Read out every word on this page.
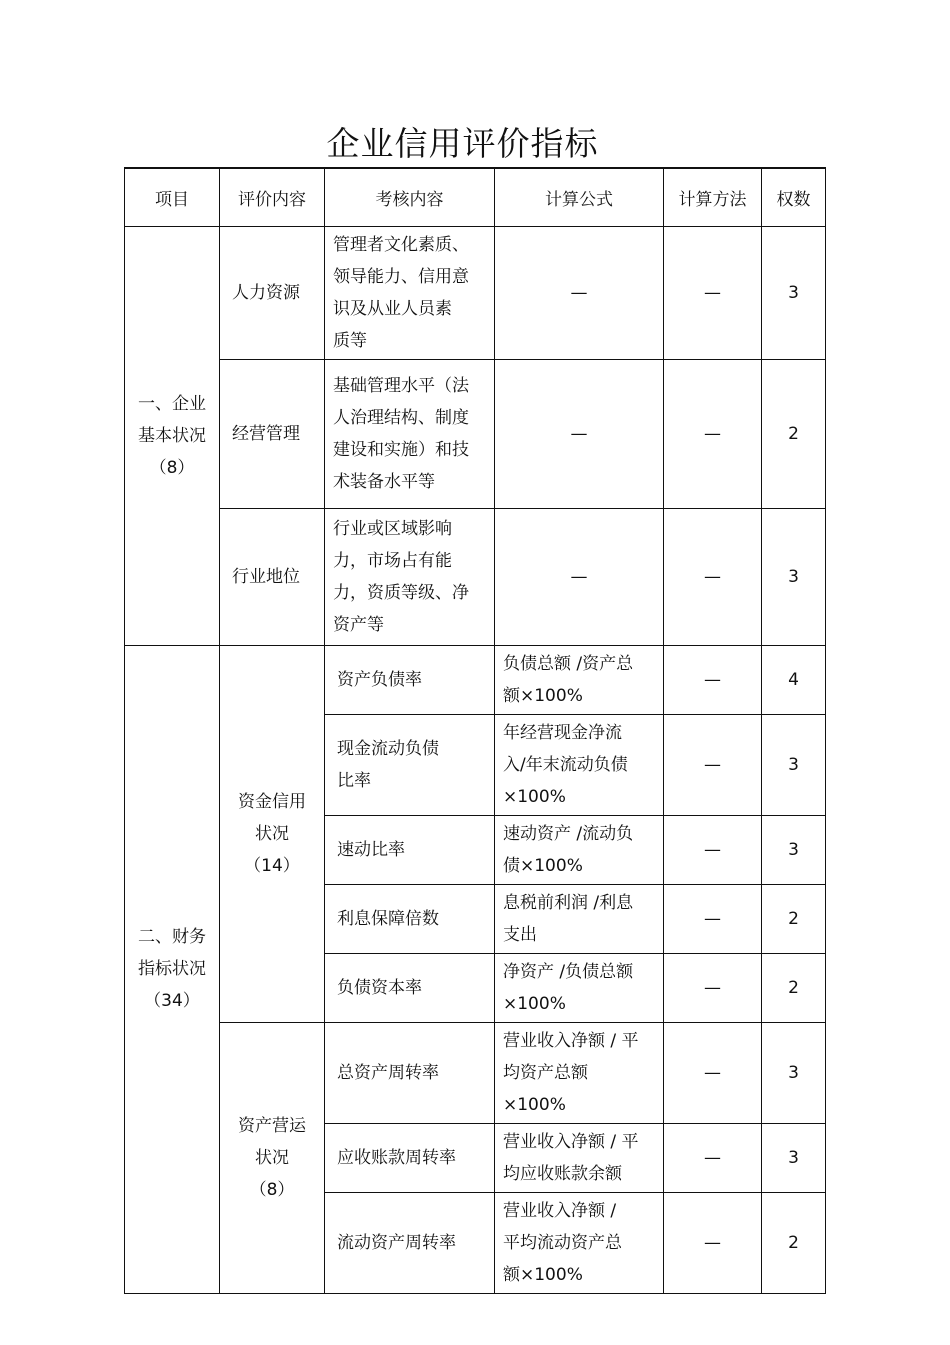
企业信用评价指标
项目	评价内容	考核内容	计算公式	计算方法	权数
一、企业
基本状况
（8）	人力资源	管理者文化素质、
领导能力、信用意
识及从业人员素
质等	—	—	3
	经营管理	基础管理水平（法
人治理结构、制度
建设和实施）和技
术装备水平等	—	—	2
	行业地位	行业或区域影响
力，市场占有能
力，资质等级、净
资产等	—	—	3
二、财务
指标状况
（34）	资金信用
状况
（14）	资产负债率	负债总额 /资产总
额×100%	—	4
		现金流动负债
比率	年经营现金净流
入/年末流动负债
×100%	—	3
		速动比率	速动资产 /流动负
债×100%	—	3
		利息保障倍数	息税前利润 /利息
支出	—	2
		负债资本率	净资产 /负债总额
×100%	—	2
	资产营运
状况
（8）	总资产周转率	营业收入净额 / 平
均资产总额 ×100%	—	3
		应收账款周转率	营业收入净额 / 平
均应收账款余额	—	3
		流动资产周转率	营业收入净额 /
平均流动资产总
额×100%	—	2
